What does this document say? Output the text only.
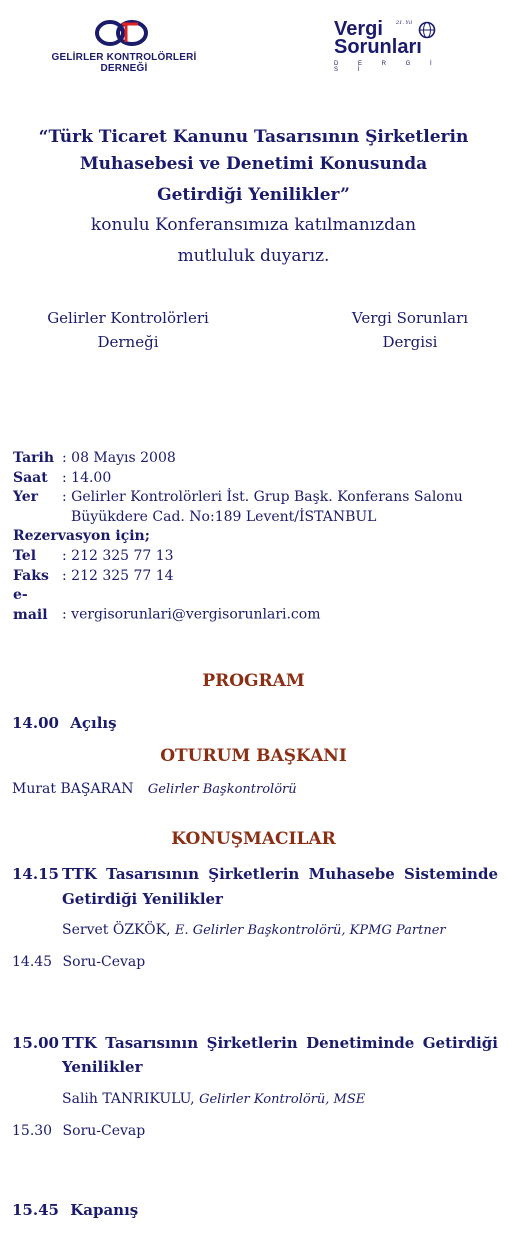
GELİRLER KONTROLÖRLERİ DERNEĞİ
Vergi	21. Yıl
Sorunları
D E R G İ S İ
“Türk Ticaret Kanunu Tasarısının Şirketlerin
Muhasebesi ve Denetimi Konusunda
Getirdiği Yenilikler”
konulu Konferansımıza katılmanızdan
mutluluk duyarız.
Gelirler Kontrolörleri
Derneği
Vergi Sorunları
Dergisi
Tarih : 08 Mayıs 2008
Saat : 14.00
Yer : Gelirler Kontrolörleri İst. Grup Başk. Konferans Salonu
Büyükdere Cad. No:189 Levent/İSTANBUL
Rezervasyon için;
Tel : 212 325 77 13
Faks : 212 325 77 14
e-mail : vergisorunlari@vergisorunlari.com
PROGRAM
14.00 Açılış
OTURUM BAŞKANI
Murat BAŞARAN Gelirler Başkontrolörü
KONUŞMACILAR
14.15 TTK Tasarısının Şirketlerin Muhasebe Sisteminde
Getirdiği Yenilikler
Servet ÖZKÖK, E. Gelirler Başkontrolörü, KPMG Partner
14.45 Soru-Cevap
15.00 TTK Tasarısının Şirketlerin Denetiminde Getirdiği
Yenilikler
Salih TANRIKULU, Gelirler Kontrolörü, MSE
15.30 Soru-Cevap
15.45 Kapanış
